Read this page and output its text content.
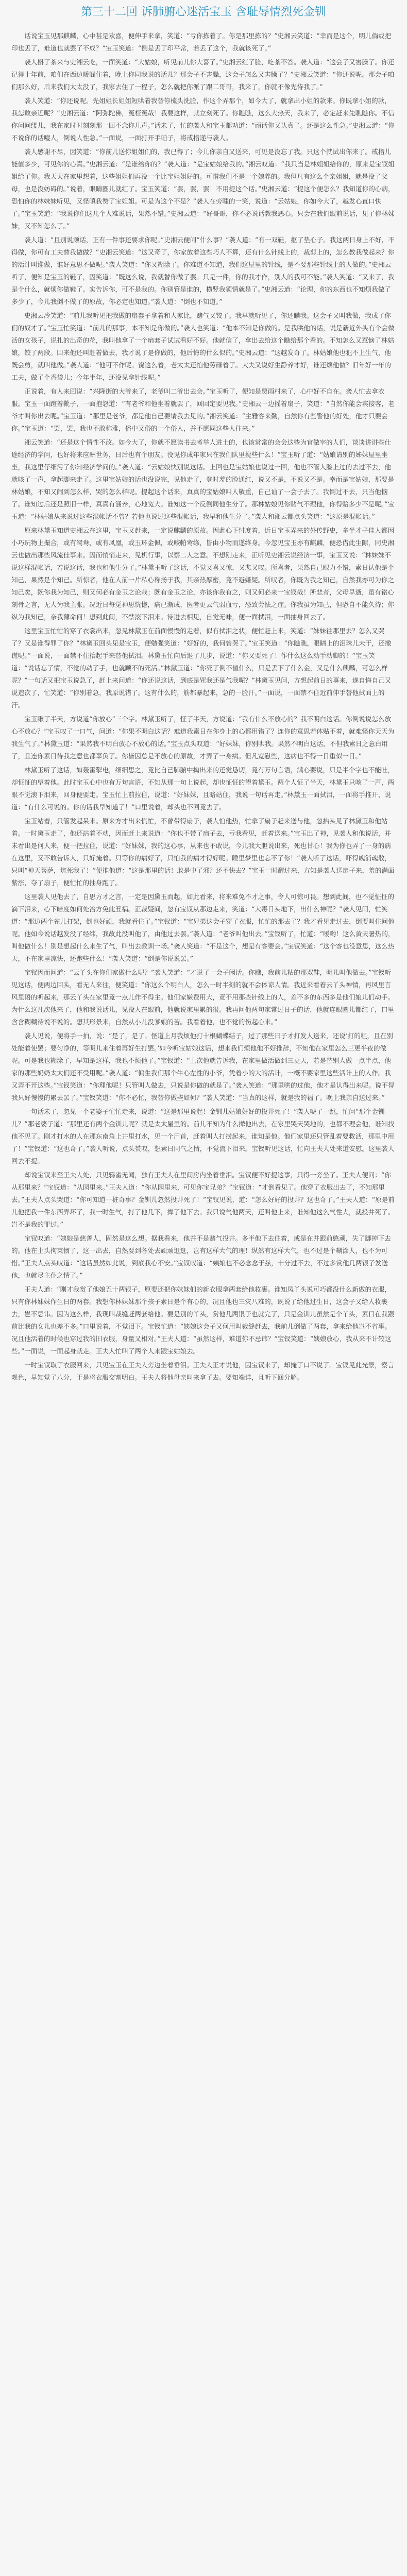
第三十二回 诉肺腑心迷活宝玉 含耻辱情烈死金钏

话说宝玉见那麒麟，心中甚是欢喜，便伸手来拿，笑道：“亏你拣着了。你是那里拣的？”史湘云笑道：“幸而是这个，明儿倘或把印也丢了，难道也就罢了不成？”宝玉笑道：“倒是丢了印平常，若丢了这个，我就该死了。”

袭人斟了茶来与史湘云吃，一面笑道：“大姑娘，听见前儿你大喜了。”史湘云红了脸，吃茶不答。袭人道：“这会子又害臊了。你还记得十年前，咱们在西边暖阁住着，晚上你同我说的话儿？那会子不害臊，这会子怎么又害臊了？”史湘云笑道：“你还说呢。那会子咱们那么好，后来我们太太没了，我家去住了一程子，怎么就把你派了跟二哥哥，我来了，你就不像先待我了。”

袭人笑道：“你还说呢。先姐姐长姐姐短哄着我替你梳头洗脸，作这个弄那个，如今大了，就拿出小姐的款来。你既拿小姐的款，我怎敢亲近呢？”史湘云道：“阿弥陀佛，冤枉冤哉！我要这样，就立刻死了。你瞧瞧，这么大热天，我来了，必定赶来先瞧瞧你。不信你问问缕儿，我在家时时刻刻那一回不念你几声。”话未了，忙的袭人和宝玉都劝道：“顽话你又认真了。还是这么性急。”史湘云道：“你不说你的话噎人，倒说人性急。”一面说，一面打开手帕子，将戒指递与袭人。

袭人感谢不尽，因笑道：“你前儿送你姐姐们的，我已得了；今儿你亲自又送来，可见是没忘了我。只这个就试出你来了。戒指儿能值多少，可见你的心真。”史湘云道：“是谁给你的？”袭人道：“是宝姑娘给我的。”湘云叹道：“我只当是林姐姐给你的，原来是宝钗姐姐给了你。我天天在家里想着，这些姐姐们再没一个比宝姐姐好的。可惜我们不是一个娘养的。我但凡有这么个亲姐姐，就是没了父母，也是没妨碍的。”说着，眼睛圈儿就红了。宝玉笑道：“罢，罢，罢！不用提这个话。”史湘云道：“提这个便怎么？我知道你的心病，恐怕你的林妹妹听见，又怪嗔我赞了宝姐姐。可是为这个不是？”袭人在旁嗤的一笑，说道：“云姑娘，你如今大了，越发心直口快了。”宝玉笑道：“我说你们这几个人难说话，果然不错。”史湘云道：“好哥哥，你不必说话教我恶心。只会在我们跟前说话，见了你林妹妹，又不知怎么了。”

袭人道：“且别说顽话，正有一件事还要求你呢。”史湘云便问“什么事？”袭人道：“有一双鞋，抠了垫心子。我这两日身上不好，不得做，你可有工夫替我做做？”史湘云笑道：“这又奇了，你家放着这些巧人不算，还有什么针线上的，裁剪上的，怎么教我做起来？你的活计叫谁做，谁好意思不做呢。”袭人笑道：“你又糊涂了。你难道不知道，我们这屋里的针线，是不要那些针线上的人做的。”史湘云听了，便知是宝玉的鞋了，因笑道：“既这么说，我就替你做了罢。只是一件，你的我才作，别人的我可不能。”袭人笑道：“又来了，我是个什么，就烦你做鞋了。实告诉你，可不是我的。你别管是谁的，横竖我领情就是了。”史湘云道：“论理，你的东西也不知烦我做了多少了，今儿我倒不做了的原故，你必定也知道。”袭人道：“倒也不知道。”

史湘云冷笑道：“前儿我听见把我做的扇套子拿着和人家比，赌气又铰了。我早就听见了，你还瞒我。这会子又叫我做，我成了你们的奴才了。”宝玉忙笑道：“前儿的那事，本不知是你做的。”袭人也笑道：“他本不知是你做的。是我哄他的话，说是新近外头有个会做活的女孩子，说扎的出奇的花，我叫他拿了一个扇套子试试看好不好。他就信了，拿出去给这个瞧给那个看的。不知怎么又惹恼了林姑娘，铰了两段。回来他还叫赶着做去，我才说了是你做的，他后悔的什么似的。”史湘云道：“这越发奇了。林姑娘他也犯不上生气，他既会剪，就叫他做。”袭人道：“他可不作呢。饶这么着，老太太还怕他劳碌着了。大夫又说好生静养才好，谁还烦他做？旧年好一年的工夫，做了个香袋儿；今年半年，还没见拿针线呢。”

正说着，有人来回说：“兴隆街的大爷来了，老爷叫二爷出去会。”宝玉听了，便知是贾雨村来了，心中好不自在。袭人忙去拿衣服。宝玉一面蹬着靴子，一面抱怨道：“有老爷和他坐着就罢了，回回定要见我。”史湘云一边摇着扇子，笑道：“自然你能会宾接客，老爷才叫你出去呢。”宝玉道：“那里是老爷，都是他自己要请我去见的。”湘云笑道：“主雅客来勤，自然你有些警他的好处，他才只要会你。”宝玉道：“罢，罢，我也不敢称雅，俗中又俗的一个俗人，并不愿同这些人往来。”

湘云笑道：“还是这个情性不改。如今大了，你就不愿读书去考举人进士的，也该常常的会会这些为官做宰的人们，谈谈讲讲些仕途经济的学问，也好将来应酬世务，日后也有个朋友。没见你成年家只在我们队里搅些什么！”宝玉听了道：“姑娘请别的姊妹屋里坐坐，我这里仔细污了你知经济学问的。”袭人道：“云姑娘快别说这话。上回也是宝姑娘也说过一回，他也不管人脸上过的去过不去，他就咳了一声，拿起脚来走了。这里宝姑娘的话也没说完，见他走了，登时羞的脸通红，说又不是，不说又不是。幸而是宝姑娘，那要是林姑娘，不知又闹到怎么样，哭的怎么样呢。提起这个话来，真真的宝姑娘叫人敬重，自己讪了一会子去了。我倒过不去，只当他恼了。谁知过后还是照旧一样，真真有涵养，心地宽大。谁知这一个反倒同他生分了。那林姑娘见你赌气不理他，你得赔多少不是呢。”宝玉道：“林姑娘从来说过这些混帐话不曾？若他也说过这些混帐话，我早和他生分了。”袭人和湘云都点头笑道：“这原是混帐话。”

原来林黛玉知道史湘云在这里，宝玉又赶来，一定说麒麟的原故。因此心下忖度着，近日宝玉弄来的外传野史，多半才子佳人都因小巧玩物上撮合，或有鸳鸯，或有凤凰，或玉环金佩，或鲛帕鸾绦，皆由小物而遂终身。今忽见宝玉亦有麒麟，便恐借此生隙，同史湘云也做出那些风流佳事来。因而悄悄走来，见机行事，以察二人之意。不想刚走来，正听见史湘云说经济一事，宝玉又说：“林妹妹不说这样混帐话，若说这话，我也和他生分了。”林黛玉听了这话，不觉又喜又惊，又悲又叹。所喜者，果然自己眼力不错，素日认他是个知己，果然是个知己。所惊者，他在人前一片私心称扬于我，其亲热厚密，竟不避嫌疑。所叹者，你既为我之知己，自然我亦可为你之知己矣，既你我为知己，则又何必有金玉之论哉；既有金玉之论，亦该你我有之，则又何必来一宝钗哉！所悲者，父母早逝，虽有铭心刻骨之言，无人为我主张。况近日每觉神思恍惚，病已渐成，医者更云气弱血亏，恐致劳怯之症。你我虽为知己，但恐自不能久待；你纵为我知己，奈我薄命何！想到此间，不禁滚下泪来。待进去相见，自觉无味，便一面拭泪，一面抽身回去了。

这里宝玉忙忙的穿了衣裳出来，忽见林黛玉在前面慢慢的走着，似有拭泪之状，便忙赶上来，笑道：“妹妹往那里去？怎么又哭了？又是谁得罪了你？”林黛玉回头见是宝玉，便勉强笑道：“好好的，我何曾哭了。”宝玉笑道：“你瞧瞧，眼睛上的泪珠儿未干，还撒谎呢。”一面说，一面禁不住抬起手来替他拭泪。林黛玉忙向后退了几步，说道：“你又要死了！作什么这么动手动脚的！”宝玉笑道：“说话忘了情，不觉的动了手，也就顾不的死活。”林黛玉道：“你死了倒不值什么，只是丢下了什么金，又是什么麒麟，可怎么样呢？”一句话又把宝玉说急了，赶上来问道：“你还说这话，到底是咒我还是气我呢？”林黛玉见问，方想起前日的事来，遂自悔自己又说造次了，忙笑道：“你别着急，我原说错了。这有什么的，筋都暴起来，急的一脸汗。”一面说，一面禁不住近前伸手替他拭面上的汗。

宝玉瞅了半天，方说道“你放心”三个字。林黛玉听了，怔了半天，方说道：“我有什么不放心的？我不明白这话。你倒说说怎么放心不放心？”宝玉叹了一口气，问道：“你果不明白这话？难道我素日在你身上的心都用错了？连你的意思若体贴不着，就难怪你天天为我生气了。”林黛玉道：“果然我不明白放心不放心的话。”宝玉点头叹道：“好妹妹，你别哄我。果然不明白这话，不但我素日之意白用了，且连你素日待我之意也都辜负了。你皆因总是不放心的原故，才弄了一身病。但凡宽慰些，这病也不得一日重似一日。”

林黛玉听了这话，如轰雷掣电，细细思之，竟比自己肺腑中掏出来的还觉恳切，竟有万句言语，满心要说，只是半个字也不能吐，却怔怔的望着他。此时宝玉心中也有万句言语，不知从那一句上说起，却也怔怔的望着黛玉。两个人怔了半天，林黛玉只咳了一声，两眼不觉滚下泪来，回身便要走。宝玉忙上前拉住，说道：“好妹妹，且略站住，我说一句话再走。”林黛玉一面拭泪，一面将手推开，说道：“有什么可说的。你的话我早知道了！”口里说着，却头也不回竟去了。

宝玉站着，只管发起呆来。原来方才出来慌忙，不曾带得扇子，袭人怕他热，忙拿了扇子赶来送与他，忽抬头见了林黛玉和他站着。一时黛玉走了，他还站着不动，因而赶上来说道：“你也不带了扇子去，亏我看见，赶着送来。”宝玉出了神，见袭人和他说话，并未看出是何人来，便一把拉住，说道：“好妹妹，我的这心事，从来也不敢说，今儿我大胆说出来，死也甘心！我为你也弄了一身的病在这里，又不敢告诉人，只好掩着。只等你的病好了，只怕我的病才得好呢。睡里梦里也忘不了你！”袭人听了这话，吓得魄消魂散，只叫“神天菩萨，坑死我了！”便推他道：“这是那里的话！敢是中了邪？还不快去？”宝玉一时醒过来，方知是袭人送扇子来，羞的满面紫涨，夺了扇子，便忙忙的抽身跑了。

这里袭人见他去了，自思方才之言，一定是因黛玉而起，如此看来，将来难免不才之事，令人可惊可畏。想到此间，也不觉怔怔的滴下泪来，心下暗度如何处治方免此丑祸。正裁疑间，忽有宝钗从那边走来，笑道：“大毒日头地下，出什么神呢？”袭人见问，忙笑道：“那边两个雀儿打架，倒也好顽，我就看住了。”宝钗道：“宝兄弟这会子穿了衣服，忙忙的那去了？我才看见走过去，倒要叫住问他呢。他如今说话越发没了经纬，我故此没叫他了，由他过去罢。”袭人道：“老爷叫他出去。”宝钗听了，忙道：“嗳哟！这么黄天暑热的，叫他做什么！别是想起什么来生了气，叫出去教训一场。”袭人笑道：“不是这个，想是有客要会。”宝钗笑道：“这个客也没意思，这么热天，不在家里凉快，还跑些什么！”袭人笑道：“倒是你说说罢。”

宝钗因而问道：“云丫头在你们家做什么呢？”袭人笑道：“才说了一会子闲话。你瞧，我前儿粘的那双鞋，明儿叫他做去。”宝钗听见这话，便两边回头，看无人来往，便笑道：“你这么个明白人，怎么一时半刻的就不会体谅人情。我近来看着云丫头神情，再风里言风里语的听起来，那云丫头在家里竟一点儿作不得主。他们家嫌费用大，竟不用那些针线上的人，差不多的东西多是他们娘儿们动手。为什么这几次他来了，他和我说话儿，见没人在跟前，他就说家里累的很。我再问他两句家常过日子的话，他就连眼圈儿都红了，口里含含糊糊待说不说的。想其形景来，自然从小儿没爹娘的苦。我看着他，也不觉的伤起心来。”

袭人见说，便将手一拍，说：“是了，是了。怪道上月我烦他打十根蝴蝶结子，过了那些日子才打发人送来，还说‘打的粗，且在别处能着使罢；要匀净的，等明儿来住着再好生打罢。’如今听宝姑娘这话，想来我们烦他他不好推辞，不知他在家里怎么三更半夜的做呢。可是我也糊涂了，早知是这样，我也不烦他了。”宝钗道：“上次他就告诉我，在家里做活做到三更天，若是替别人做一点半点，他家的那些奶奶太太们还不受用呢。”袭人道：“偏生我们那个牛心左性的小爷，凭着小的大的活计，一概不要家里这些活计上的人作。我又弄不开这些。”宝钗笑道：“你理他呢！只管叫人做去，只说是你做的就是了。”袭人笑道：“那里哄的过他，他才是认得出来呢。说不得我只好慢慢的累去罢了。”宝钗笑道：“你不必忙，我替你做些如何？”袭人笑道：“当真的这样，就是我的福了。晚上我亲自送过来。”

一句话未了，忽见一个老婆子忙忙走来，说道：“这是那里说起！金钏儿姑娘好好的投井死了！”袭人唬了一跳，忙问“那个金钏儿？”那老婆子道：“那里还有两个金钏儿呢？就是太太屋里的。前儿不知为什么撵他出去，在家里哭天哭地的，也都不理会他，谁知找他不见了。刚才打水的人在那东南角上井里打水，见一个尸首，赶着叫人打捞起来，谁知是他。他们家里还只管乱着要救活，那里中用了！”宝钗道：“这也奇了。”袭人听说，点头赞叹，想素日同气之情，不觉流下泪来。宝钗听见这话，忙向王夫人处来道安慰。这里袭人回去不提。

却说宝钗来至王夫人处，只见鸦雀无闻，独有王夫人在里间房内坐着垂泪。宝钗便不好提这事，只得一旁坐了。王夫人便问：“你从那里来？”宝钗道：“从园里来。”王夫人道：“你从园里来，可见你宝兄弟？”宝钗道：“才倒看见了。他穿了衣服出去了，不知那里去。”王夫人点头哭道：“你可知道一桩奇事？金钏儿忽然投井死了！”宝钗见说，道：“怎么好好的投井？这也奇了。”王夫人道：“原是前儿他把我一件东西弄坏了，我一时生气，打了他几下，撵了他下去。我只说气他两天，还叫他上来，谁知他这么气性大，就投井死了。岂不是我的罪过。”

宝钗叹道：“姨娘是慈善人，固然是这么想。据我看来，他并不是赌气投井。多半他下去住着，或是在井跟前憨顽，失了脚掉下去的。他在上头拘束惯了，这一出去，自然要到各处去顽顽逛逛，岂有这样大气的理！纵然有这样大气，也不过是个糊涂人，也不为可惜。”王夫人点头叹道：“这话虽然如此说，到底我心不安。”宝钗叹道：“姨娘也不必念念于兹，十分过不去，不过多赏他几两银子发送他，也就尽主仆之情了。”

王夫人道：“刚才我赏了他娘五十两银子，原要还把你妹妹们的新衣服拿两套给他妆裹。谁知凤丫头说可巧都没什么新做的衣服，只有你林妹妹作生日的两套。我想你林妹妹那个孩子素日是个有心的，况且他也三灾八难的，既说了给他过生日，这会子又给人妆裹去，岂不忌讳。因为这么样，我现叫裁缝赶两套给他。要是别的丫头，赏他几两银子也就完了，只是金钏儿虽然是个丫头，素日在我跟前比我的女儿也差不多。”口里说着，不觉泪下。宝钗忙道：“姨娘这会子又何用叫裁缝赶去，我前儿倒做了两套，拿来给他岂不省事。况且他活着的时候也穿过我的旧衣服，身量又相对。”王夫人道：“虽然这样，难道你不忌讳？”宝钗笑道：“姨娘放心，我从来不计较这些。”一面说，一面起身就走。王夫人忙叫了两个人来跟宝姑娘去。

一时宝钗取了衣服回来，只见宝玉在王夫人旁边坐着垂泪。王夫人正才说他，因宝钗来了，却掩了口不说了。宝钗见此光景，察言观色，早知觉了八分，于是将衣服交割明白。王夫人将他母亲叫来拿了去。要知端详，且听下回分解。
